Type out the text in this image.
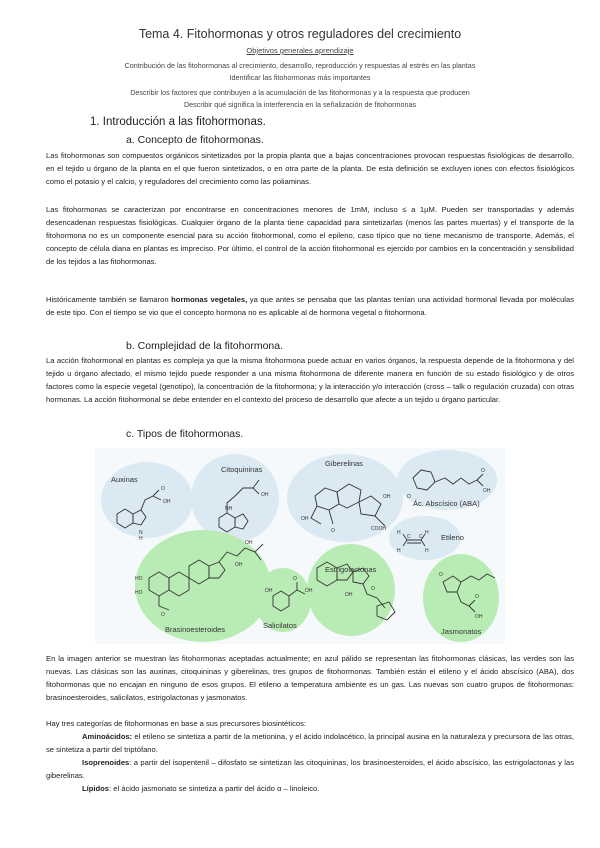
Tema 4. Fitohormonas y otros reguladores del crecimiento
Objetivos generales aprendizaje
Contribución de las fitohormonas al crecimiento, desarrollo, reproducción y respuestas al estrés en las plantas
Identificar las fitohormonas más importantes
Describir los factores que contribuyen a la acumulación de las fitohormonas y a la respuesta que producen
Describir qué significa la interferencia en la señalización de fitohormonas
1. Introducción a las fitohormonas.
a. Concepto de fitohormonas.
Las fitohormonas son compuestos orgánicos sintetizados por la propia planta que a bajas concentraciones provocan respuestas fisiológicas de desarrollo, en el tejido u órgano de la planta en el que fueron sintetizados, o en otra parte de la planta. De esta definición se excluyen iones con efectos fisiológicos como el potasio y el calcio, y reguladores del crecimiento como las poliaminas.
Las fitohormonas se caracterizan por encontrarse en concentraciones menores de 1mM, incluso ≤ a 1µM. Pueden ser transportadas y además desencadenan respuestas fisiológicas. Cualquier órgano de la planta tiene capacidad para sintetizarlas (menos las partes muertas) y el transporte de la fitohormona no es un componente esencial para su acción fitohormonal, como el epileno, caso típico que no tiene mecanismo de transporte. Además, el concepto de célula diana en plantas es impreciso. Por último, el control de la acción fitohormonal es ejercido por cambios en la concentración y sensibilidad de los tejidos a las fitohormonas.
Históricamente también se llamaron hormonas vegetales, ya que antes se pensaba que las plantas tenían una actividad hormonal llevada por moléculas de este tipo. Con el tiempo se vio que el concepto hormona no es aplicable al de hormona vegetal o fitohormona.
b. Complejidad de la fitohormona.
La acción fitohormonal en plantas es compleja ya que la misma fitohormona puede actuar en varios órganos, la respuesta depende de la fitohormona y del tejido u órgano afectado, el mismo tejido puede responder a una misma fitohormona de diferente manera en función de su estado fisiológico y de otros factores como la especie vegetal (genotipo), la concentración de la fitohormona; y la interacción y/o interacción (cross – talk o regulación cruzada) con otras hormonas. La acción fitohormonal se debe entender en el contexto del proceso de desarrollo que afecte a un tejido u órgano particular.
c. Tipos de fitohormonas.
N
H
O
OH
NH
OH
OH
O	COOH
OH	O
O
OH
H
H
H
H
C C
HO
HO
O
OH
OH
O
OH
OH
OH
O
O
O
OH
Auxinas
Citoquininas
Giberelinas
Ác. Abscísico (ABA)
Etileno
Brasinoesteroides	Salicilatos
Estrigolactonas
Jasmonatos
En la imagen anterior se muestran las fitohormonas aceptadas actualmente; en azul pálido se representan las fitohormonas clásicas, las verdes son las nuevas. Las clásicas son las auxinas, citoquininas y giberelinas, tres grupos de fitohormonas. También están el etileno y el ácido abscísico (ABA), dos fitohormonas que no encajan en ninguno de esos grupos. El etileno a temperatura ambiente es un gas. Las nuevas son cuatro grupos de fitohormonas: brasinoesteroides, salicilatos, estrigolactonas y jasmonatos.
Hay tres categorías de fitohormonas en base a sus precursores biosintéticos:
Aminoácidos: el etileno se sintetiza a partir de la metionina, y el ácido indolacético, la principal ausina en la naturaleza y precursora de las otras, se sintetiza a partir del triptófano.
Isoprenoides: a partir del isopentenil – difosfato se sintetizan las citoquininas, los brasinoesteroides, el ácido abscísico, las estrigolactonas y las giberelinas.
Lípidos: el ácido jasmonato se sintetiza a partir del ácido α – linoleico.
